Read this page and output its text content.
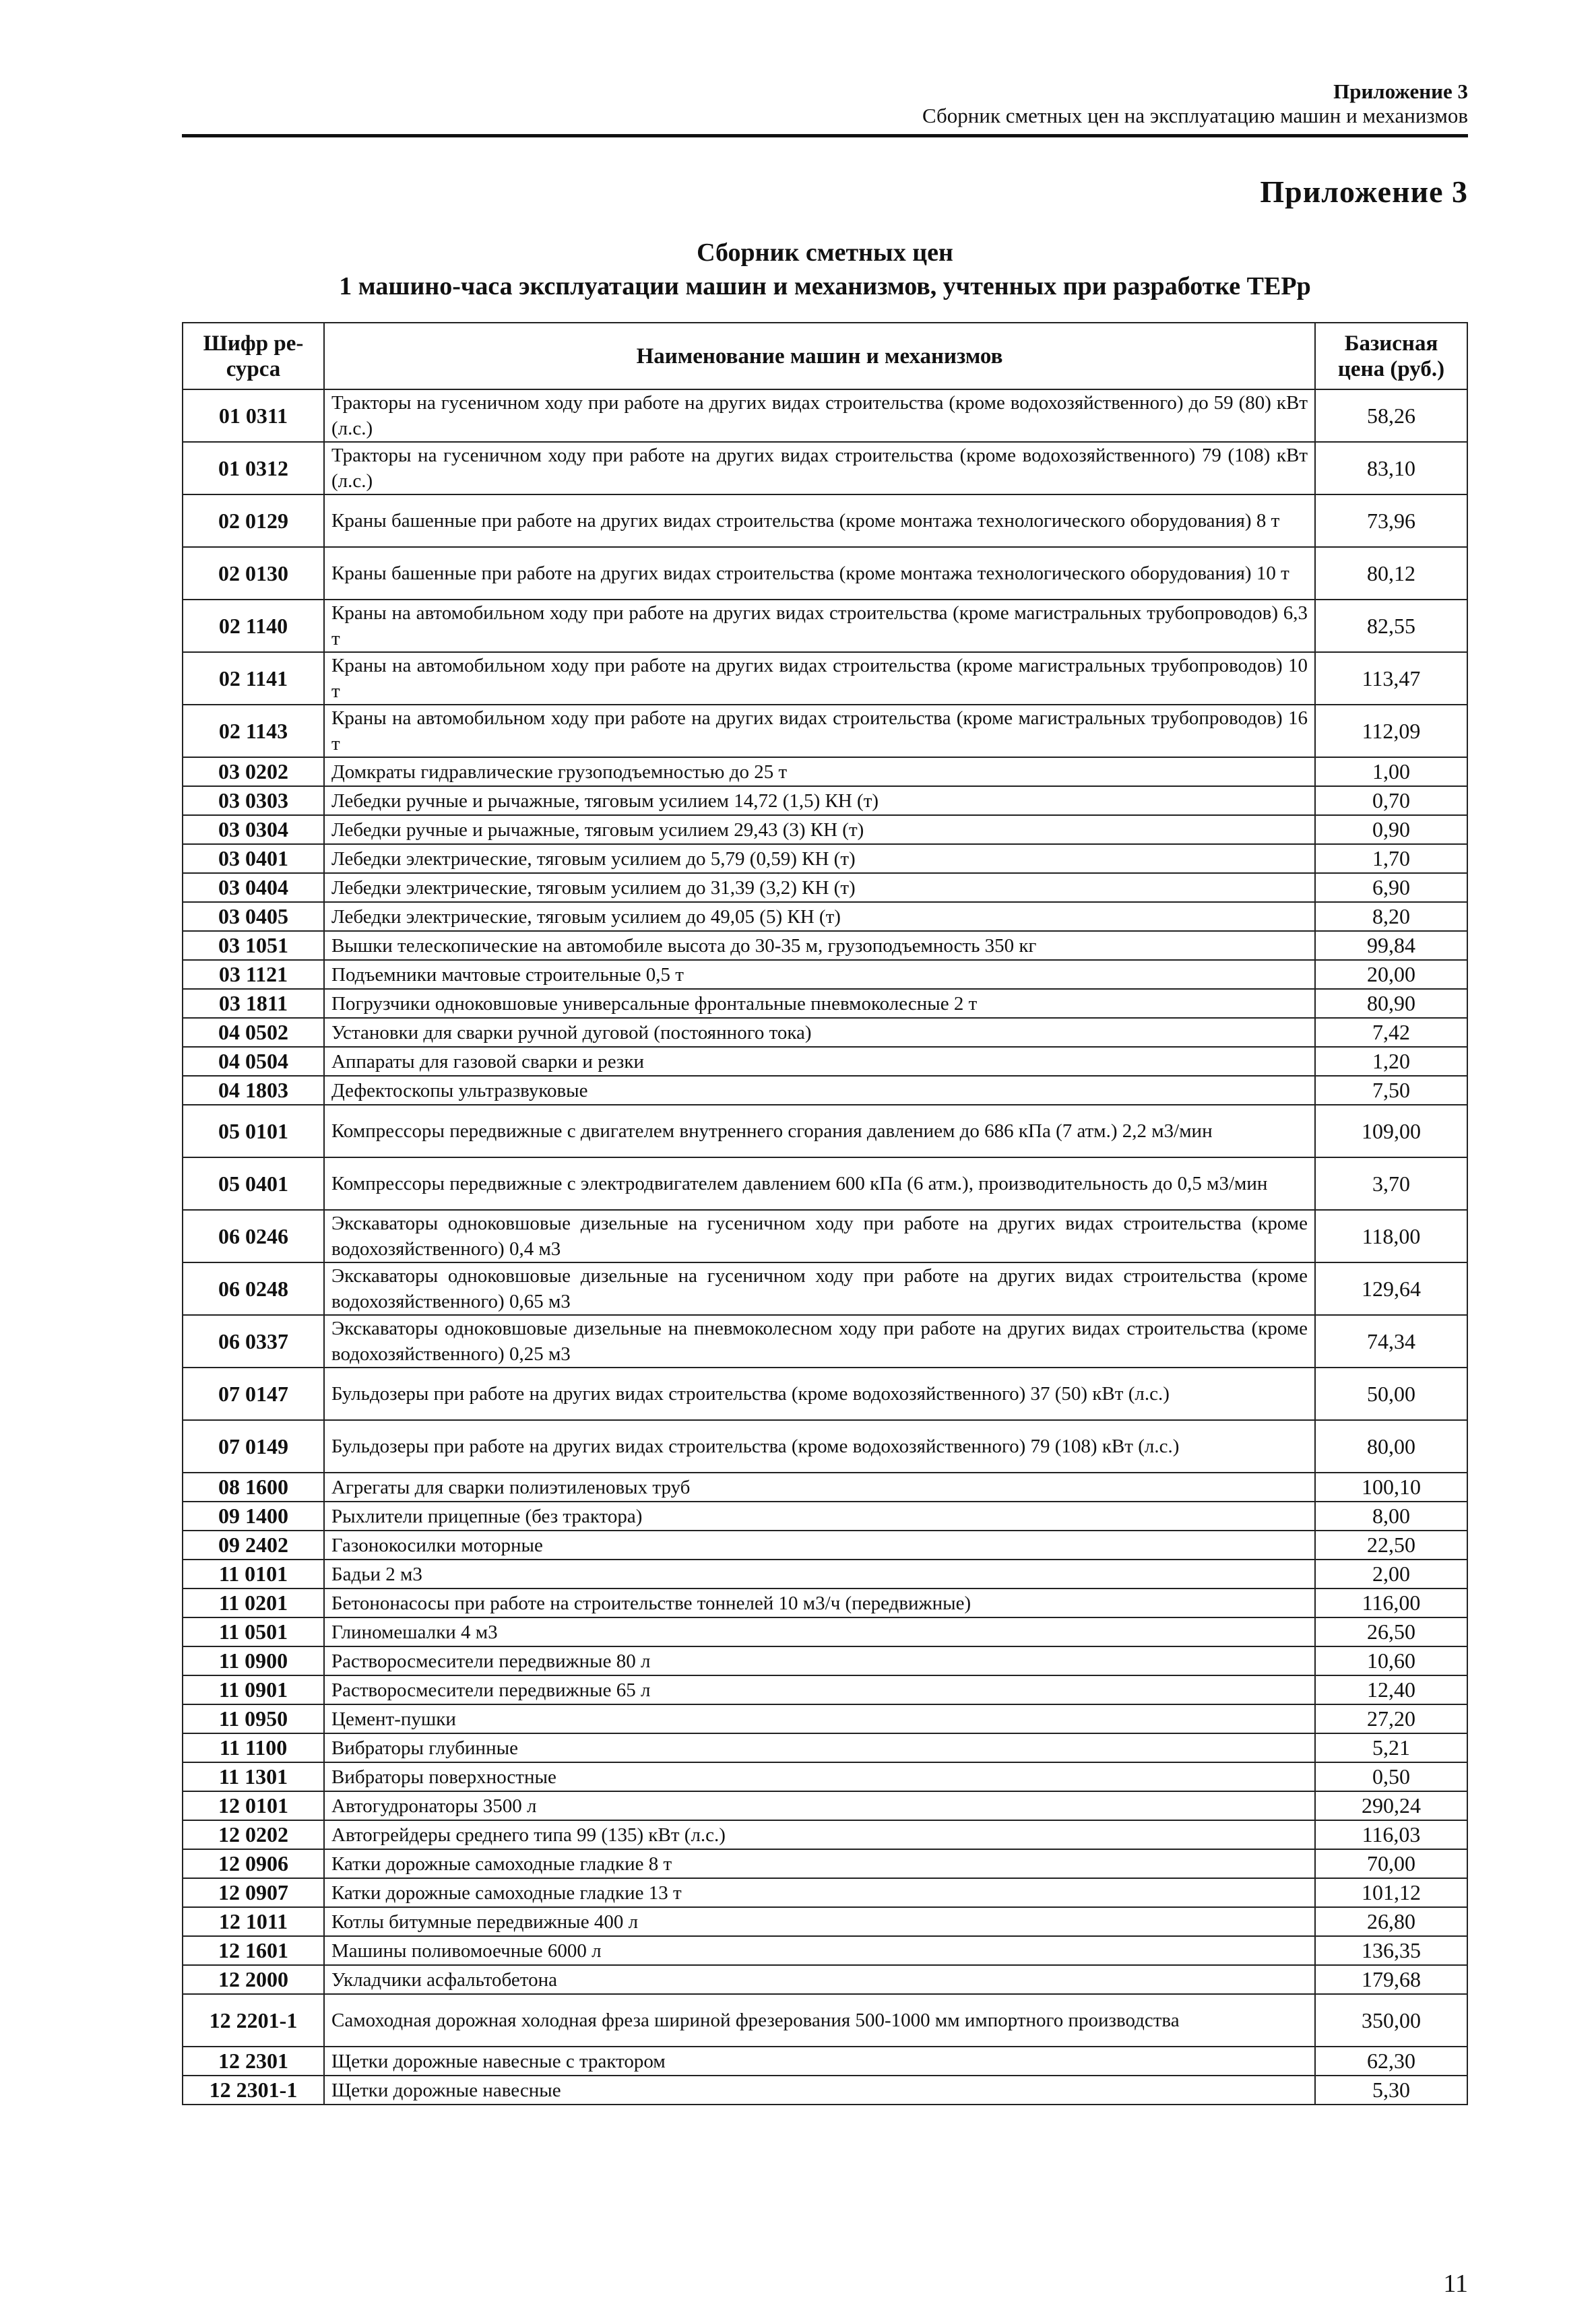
Приложение 3
Сборник сметных цен на эксплуатацию машин и механизмов
Приложение 3
Сборник сметных цен
1 машино-часа эксплуатации машин и механизмов, учтенных при разработке ТЕРр
Шифр ре-сурса	Наименование машин и механизмов	Базисная цена (руб.)
01 0311	Тракторы на гусеничном ходу при работе на других видах строительства (кроме водохозяйственного) до 59 (80) кВт (л.с.)	58,26
01 0312	Тракторы на гусеничном ходу при работе на других видах строительства (кроме водохозяйственного) 79 (108) кВт (л.с.)	83,10
02 0129	Краны башенные при работе на других видах строительства (кроме монтажа технологического оборудования) 8 т	73,96
02 0130	Краны башенные при работе на других видах строительства (кроме монтажа технологического оборудования) 10 т	80,12
02 1140	Краны на автомобильном ходу при работе на других видах строительства (кроме магистральных трубопроводов) 6,3 т	82,55
02 1141	Краны на автомобильном ходу при работе на других видах строительства (кроме магистральных трубопроводов) 10 т	113,47
02 1143	Краны на автомобильном ходу при работе на других видах строительства (кроме магистральных трубопроводов) 16 т	112,09
03 0202	Домкраты гидравлические грузоподъемностью до 25 т	1,00
03 0303	Лебедки ручные и рычажные, тяговым усилием 14,72 (1,5) КН (т)	0,70
03 0304	Лебедки ручные и рычажные, тяговым усилием 29,43 (3) КН (т)	0,90
03 0401	Лебедки электрические, тяговым усилием до 5,79 (0,59) КН (т)	1,70
03 0404	Лебедки электрические, тяговым усилием до 31,39 (3,2) КН (т)	6,90
03 0405	Лебедки электрические, тяговым усилием до 49,05 (5) КН (т)	8,20
03 1051	Вышки телескопические на автомобиле высота до 30-35 м, грузоподъемность 350 кг	99,84
03 1121	Подъемники мачтовые строительные 0,5 т	20,00
03 1811	Погрузчики одноковшовые универсальные фронтальные пневмоколесные 2 т	80,90
04 0502	Установки для сварки ручной дуговой (постоянного тока)	7,42
04 0504	Аппараты для газовой сварки и резки	1,20
04 1803	Дефектоскопы ультразвуковые	7,50
05 0101	Компрессоры передвижные с двигателем внутреннего сгорания давлением до 686 кПа (7 атм.) 2,2 м3/мин	109,00
05 0401	Компрессоры передвижные с электродвигателем давлением 600 кПа (6 атм.), производительность до 0,5 м3/мин	3,70
06 0246	Экскаваторы одноковшовые дизельные на гусеничном ходу при работе на других видах строительства (кроме водохозяйственного) 0,4 м3	118,00
06 0248	Экскаваторы одноковшовые дизельные на гусеничном ходу при работе на других видах строительства (кроме водохозяйственного) 0,65 м3	129,64
06 0337	Экскаваторы одноковшовые дизельные на пневмоколесном ходу при работе на других видах строительства (кроме водохозяйственного) 0,25 м3	74,34
07 0147	Бульдозеры при работе на других видах строительства (кроме водохозяйственного) 37 (50) кВт (л.с.)	50,00
07 0149	Бульдозеры при работе на других видах строительства (кроме водохозяйственного) 79 (108) кВт (л.с.)	80,00
08 1600	Агрегаты для сварки полиэтиленовых труб	100,10
09 1400	Рыхлители прицепные (без трактора)	8,00
09 2402	Газонокосилки моторные	22,50
11 0101	Бадьи 2 м3	2,00
11 0201	Бетононасосы при работе на строительстве тоннелей 10 м3/ч (передвижные)	116,00
11 0501	Глиномешалки 4 м3	26,50
11 0900	Растворосмесители передвижные 80 л	10,60
11 0901	Растворосмесители передвижные 65 л	12,40
11 0950	Цемент-пушки	27,20
11 1100	Вибраторы глубинные	5,21
11 1301	Вибраторы поверхностные	0,50
12 0101	Автогудронаторы 3500 л	290,24
12 0202	Автогрейдеры среднего типа 99 (135) кВт (л.с.)	116,03
12 0906	Катки дорожные самоходные гладкие 8 т	70,00
12 0907	Катки дорожные самоходные гладкие 13 т	101,12
12 1011	Котлы битумные передвижные 400 л	26,80
12 1601	Машины поливомоечные 6000 л	136,35
12 2000	Укладчики асфальтобетона	179,68
12 2201-1	Самоходная дорожная холодная фреза шириной фрезерования 500-1000 мм импортного производства	350,00
12 2301	Щетки дорожные навесные с трактором	62,30
12 2301-1	Щетки дорожные навесные	5,30
11
